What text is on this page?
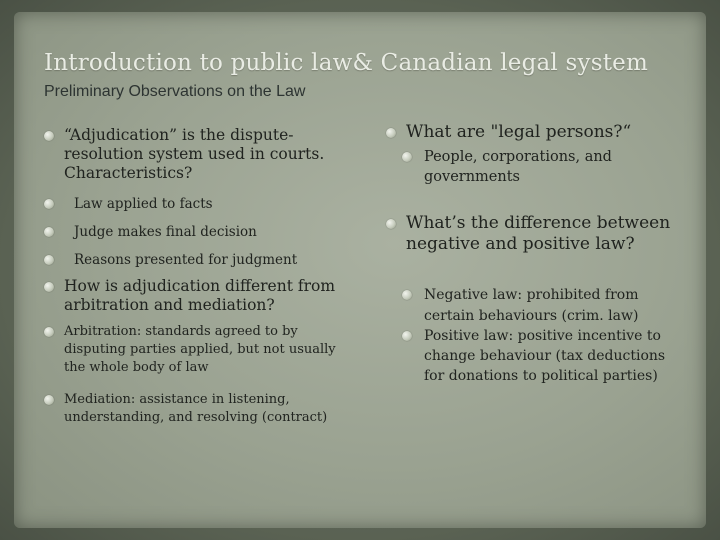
Introduction to public law& Canadian legal system
Preliminary Observations on the Law
“Adjudication” is the dispute-resolution system used in courts. Characteristics?
Law applied to facts
Judge makes final decision
Reasons presented for judgment
How is adjudication different from arbitration and mediation?
Arbitration: standards agreed to by disputing parties applied, but not usually the whole body of law
Mediation: assistance in listening, understanding, and resolving (contract)
What are "legal persons?“
People, corporations, and governments
What’s the difference between negative and positive law?
Negative law: prohibited from certain behaviours (crim. law)
Positive law: positive incentive to change behaviour (tax deductions for donations to political parties)
